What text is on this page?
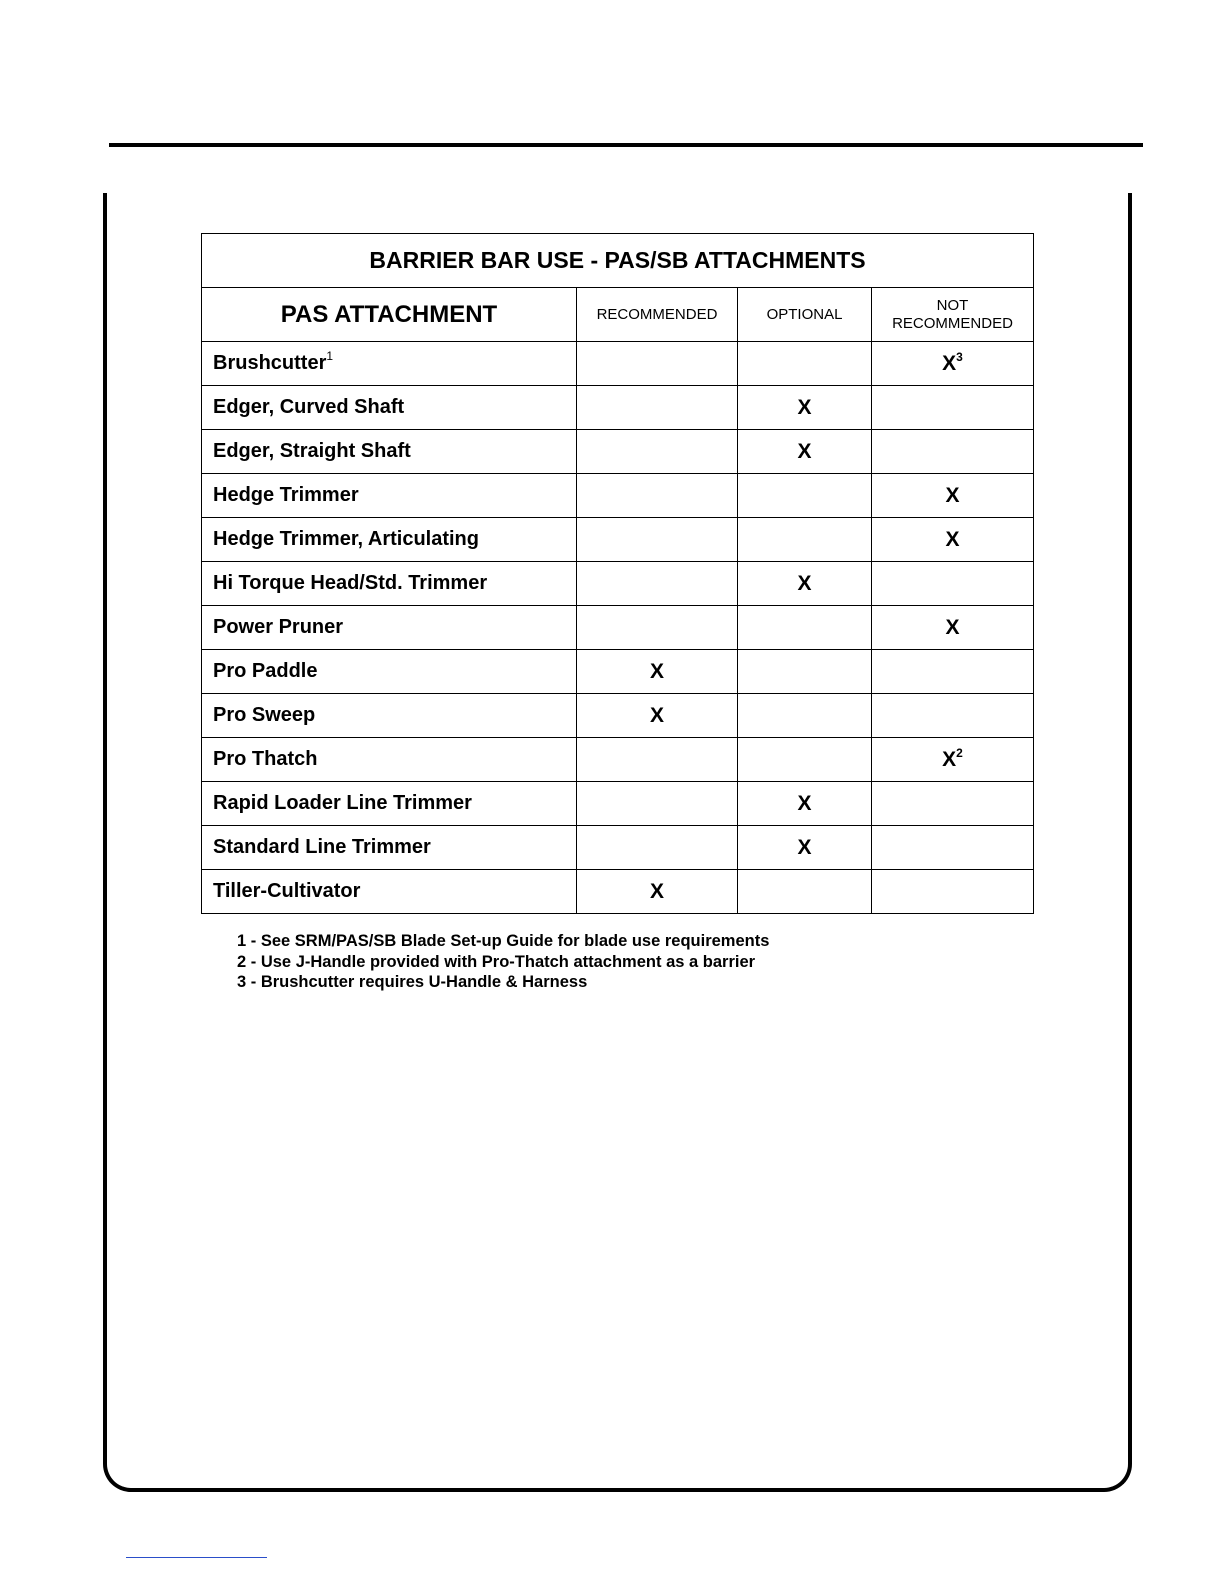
BARRIER BAR USE - PAS/SB ATTACHMENTS			
PAS ATTACHMENT	RECOMMENDED	OPTIONAL	NOT
RECOMMENDED

Brushcutter$^1$			$X^3$
Edger, Curved Shaft		X	
Edger, Straight Shaft		X	
Hedge Trimmer			X
Hedge Trimmer, Articulating			X
Hi Torque Head/Std. Trimmer		X	
Power Pruner			X
Pro Paddle	X		
Pro Sweep	X		
Pro Thatch			$X^2$
Rapid Loader Line Trimmer		X	
Standard Line Trimmer		X	
Tiller-Cultivator	X		
1 - See SRM/PAS/SB Blade Set-up Guide for blade use requirements
2 - Use J-Handle provided with Pro-Thatch attachment as a barrier
3 - Brushcutter requires U-Handle & Harness
